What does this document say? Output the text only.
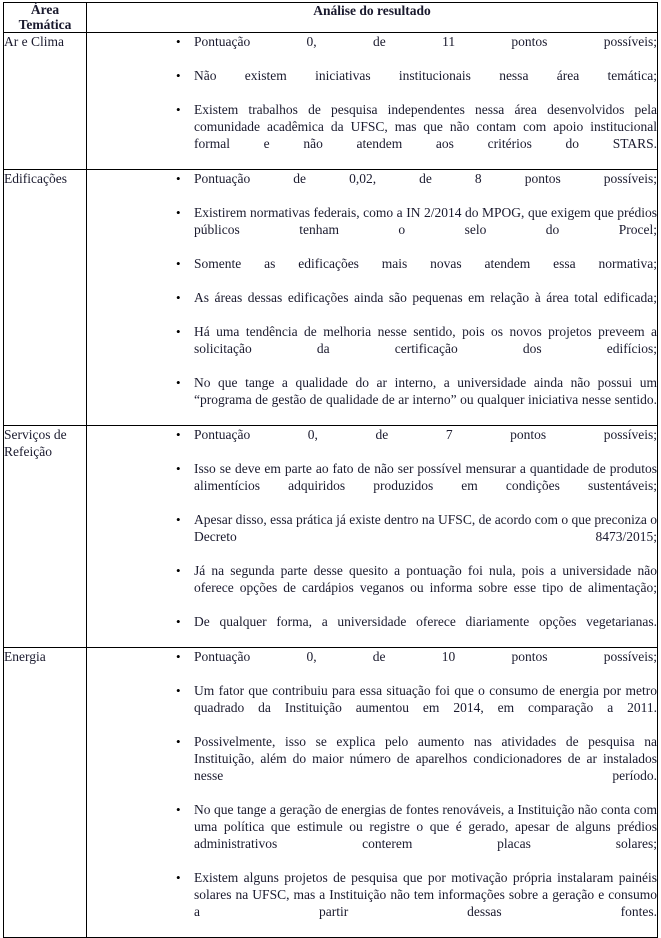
Área
Temática	Análise do resultado

Ar e Clima

•Pontuação 0, de 11 pontos possíveis;
• Não existem iniciativas institucionais nessa área temática;
• Existem trabalhos de pesquisa independentes nessa área desenvolvidos pela comunidade acadêmica da UFSC, mas que não contam com apoio institucional formal e não atendem aos critérios do STARS.

Edificações

•Pontuação de 0,02, de 8 pontos possíveis;
• Existirem normativas federais, como a IN 2/2014 do MPOG, que exigem que prédios públicos tenham o selo do Procel;
• Somente as edificações mais novas atendem essa normativa;
• As áreas dessas edificações ainda são pequenas em relação à área total edificada;
• Há uma tendência de melhoria nesse sentido, pois os novos projetos preveem a solicitação da certificação dos edifícios;
• No que tange a qualidade do ar interno, a universidade ainda não possui um “programa de gestão de qualidade de ar interno” ou qualquer iniciativa nesse sentido.

Serviços de
Refeição

• Pontuação 0, de 7 pontos possíveis;
• Isso se deve em parte ao fato de não ser possível mensurar a quantidade de produtos alimentícios adquiridos produzidos em condições sustentáveis;
• Apesar disso, essa prática já existe dentro na UFSC, de acordo com o que preconiza o Decreto 8473/2015;
• Já na segunda parte desse quesito a pontuação foi nula, pois a universidade não oferece opções de cardápios veganos ou informa sobre esse tipo de alimentação;
• De qualquer forma, a universidade oferece diariamente opções vegetarianas.

Energia

•Pontuação 0, de 10 pontos possíveis;
• Um fator que contribuiu para essa situação foi que o consumo de energia por metro quadrado da Instituição aumentou em 2014, em comparação a 2011.
• Possivelmente, isso se explica pelo aumento nas atividades de pesquisa na Instituição, além do maior número de aparelhos condicionadores de ar instalados nesse período.
• No que tange a geração de energias de fontes renováveis, a Instituição não conta com uma política que estimule ou registre o que é gerado, apesar de alguns prédios administrativos conterem placas solares;
• Existem alguns projetos de pesquisa que por motivação própria instalaram painéis solares na UFSC, mas a Instituição não tem informações sobre a geração e consumo a partir dessas fontes.
